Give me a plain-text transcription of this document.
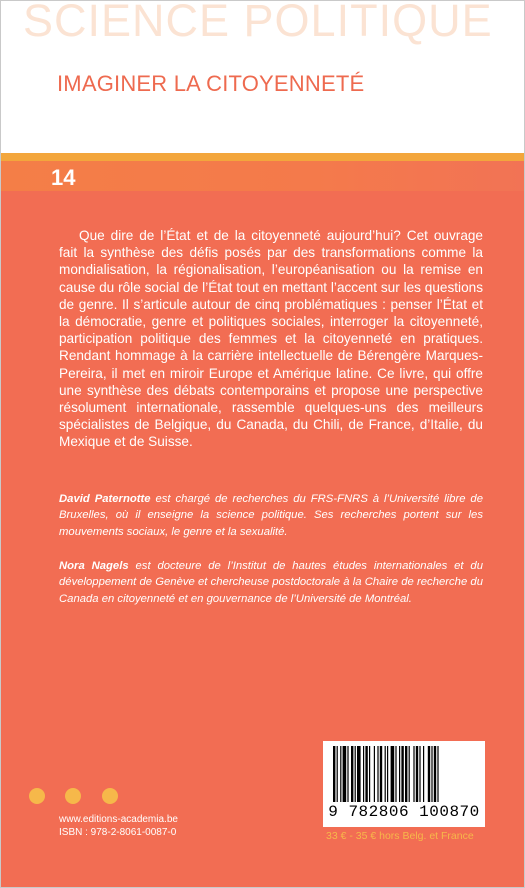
SCIENCE POLITIQUE
IMAGINER LA CITOYENNETÉ
14

Que dire de l’État et de la citoyenneté aujourd’hui? Cet ouvrage fait la synthèse des défis posés par des transformations comme la mondialisation, la régionalisation, l’européanisation ou la remise en cause du rôle social de l’État tout en mettant l’accent sur les questions de genre. Il s’articule autour de cinq problématiques : penser l’État et la démocratie, genre et politiques sociales, interroger la citoyenneté, participation politique des femmes et la citoyenneté en pratiques. Rendant hommage à la carrière intellectuelle de Bérengère Marques-Pereira, il met en miroir Europe et Amérique latine. Ce livre, qui offre une synthèse des débats contemporains et propose une perspective résolument internationale, rassemble quelques-uns des meilleurs spécialistes de Belgique, du Canada, du Chili, de France, d’Italie, du Mexique et de Suisse.

David Paternotte est chargé de recherches du FRS-FNRS à l’Université libre de Bruxelles, où il enseigne la science politique. Ses recherches portent sur les mouvements sociaux, le genre et la sexualité.

Nora Nagels est docteure de l’Institut de hautes études internationales et du développement de Genève et chercheuse postdoctorale à la Chaire de recherche du Canada en citoyenneté et en gouvernance de l’Université de Montréal.

www.editions-academia.be
ISBN : 978-2-8061-0087-0
9 782806 100870
33 € - 35 € hors Belg. et France
